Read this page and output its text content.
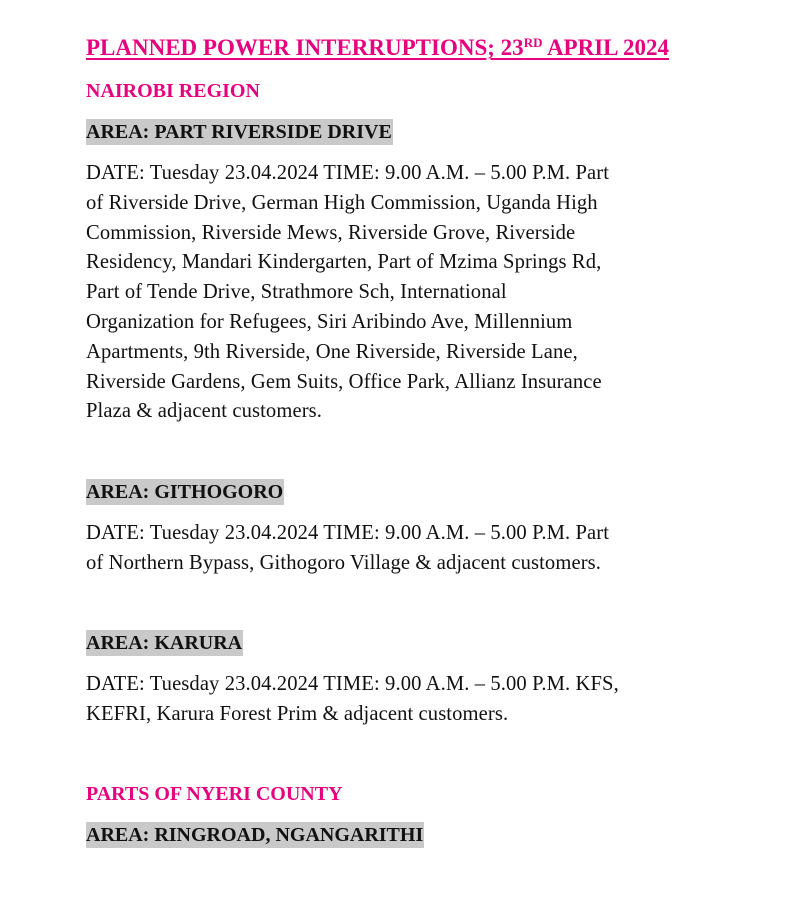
PLANNED POWER INTERRUPTIONS; 23RD APRIL 2024
NAIROBI REGION
AREA: PART RIVERSIDE DRIVE
DATE: Tuesday 23.04.2024 TIME: 9.00 A.M. – 5.00 P.M. Part
of Riverside Drive, German High Commission, Uganda High
Commission, Riverside Mews, Riverside Grove, Riverside
Residency, Mandari Kindergarten, Part of Mzima Springs Rd,
Part of Tende Drive, Strathmore Sch, International
Organization for Refugees, Siri Aribindo Ave, Millennium
Apartments, 9th Riverside, One Riverside, Riverside Lane,
Riverside Gardens, Gem Suits, Office Park, Allianz Insurance
Plaza & adjacent customers.
AREA: GITHOGORO
DATE: Tuesday 23.04.2024 TIME: 9.00 A.M. – 5.00 P.M. Part
of Northern Bypass, Githogoro Village & adjacent customers.
AREA: KARURA
DATE: Tuesday 23.04.2024 TIME: 9.00 A.M. – 5.00 P.M. KFS,
KEFRI, Karura Forest Prim & adjacent customers.
PARTS OF NYERI COUNTY
AREA: RINGROAD, NGANGARITHI
